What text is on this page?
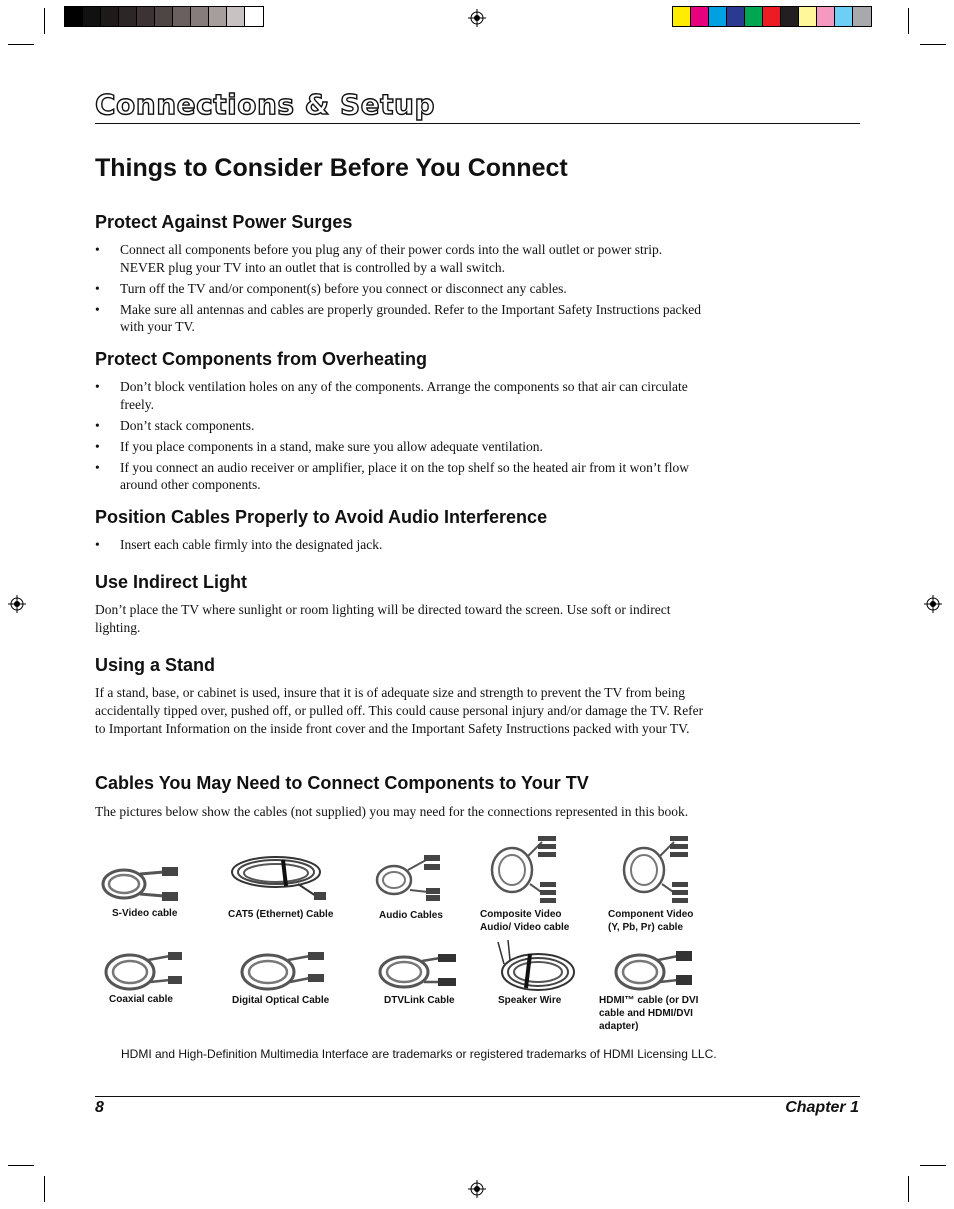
Connections & Setup
Things to Consider Before You Connect
Protect Against Power Surges
• Connect all components before you plug any of their power cords into the wall outlet or power strip. NEVER plug your TV into an outlet that is controlled by a wall switch.
• Turn off the TV and/or component(s) before you connect or disconnect any cables.
• Make sure all antennas and cables are properly grounded. Refer to the Important Safety Instructions packed with your TV.
Protect Components from Overheating
• Don’t block ventilation holes on any of the components. Arrange the components so that air can circulate freely.
• Don’t stack components.
• If you place components in a stand, make sure you allow adequate ventilation.
• If you connect an audio receiver or amplifier, place it on the top shelf so the heated air from it won’t flow around other components.
Position Cables Properly to Avoid Audio Interference
• Insert each cable firmly into the designated jack.
Use Indirect Light
Don’t place the TV where sunlight or room lighting will be directed toward the screen. Use soft or indirect lighting.
Using a Stand
If a stand, base, or cabinet is used, insure that it is of adequate size and strength to prevent the TV from being accidentally tipped over, pushed off, or pulled off. This could cause personal injury and/or damage the TV. Refer to Important Information on the inside front cover and the Important Safety Instructions packed with your TV.
Cables You May Need to Connect Components to Your TV
The pictures below show the cables (not supplied) you may need for the connections represented in this book.
S-Video cable	CAT5 (Ethernet) Cable	Audio Cables	Composite Video
Audio/ Video cable
Component Video
(Y, Pb, Pr) cable
Coaxial cable	Digital Optical Cable	DTVLink Cable	Speaker Wire	HDMI™ cable (or DVI
cable and HDMI/DVI
adapter)
HDMI and High-Definition Multimedia Interface are trademarks or registered trademarks of HDMI Licensing LLC.
8	Chapter 1
